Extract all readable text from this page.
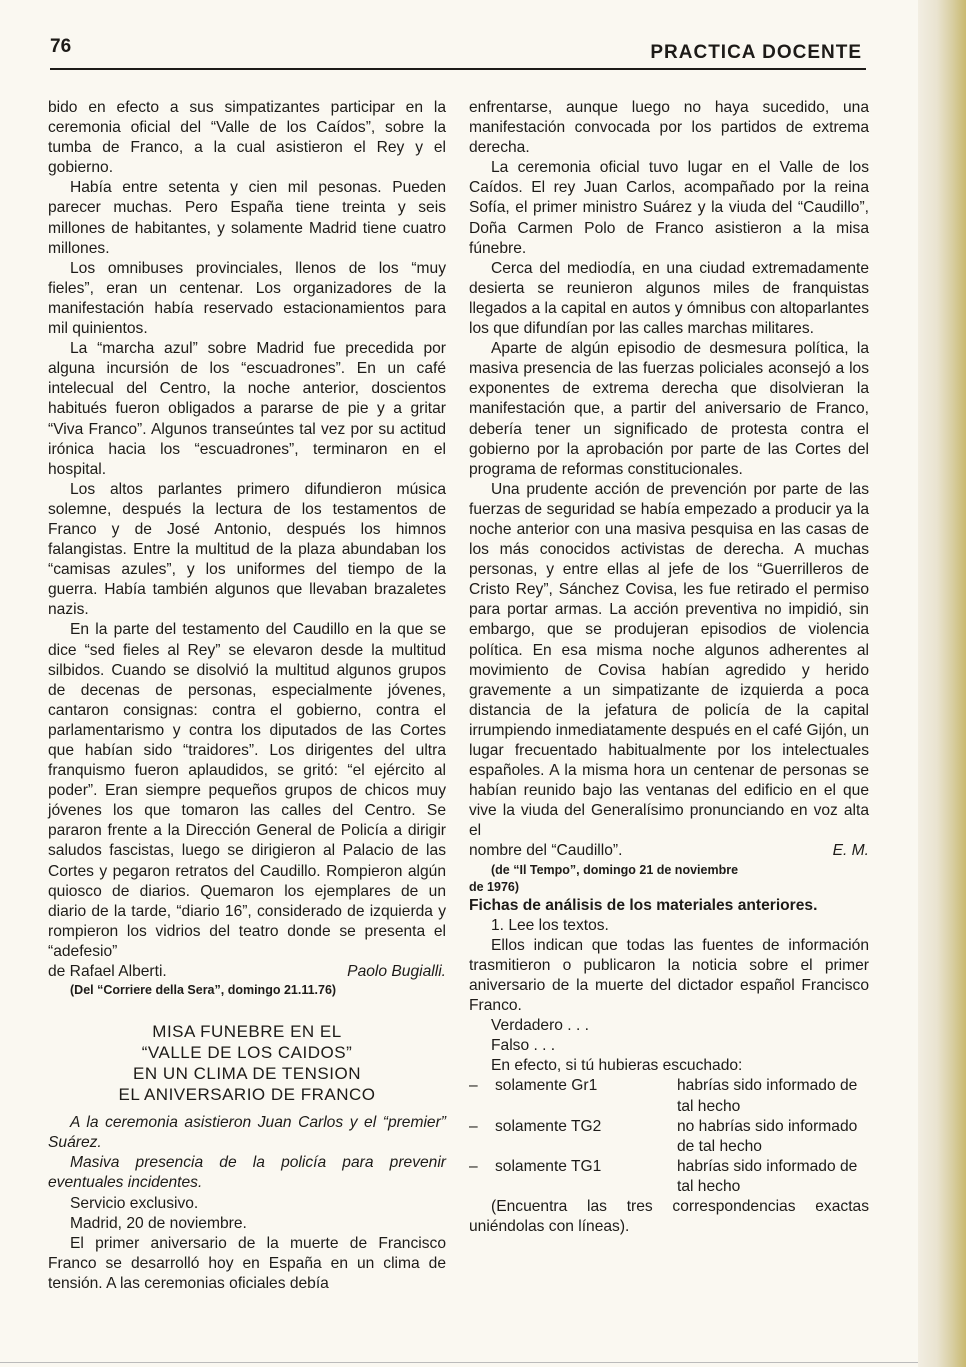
76	PRACTICA DOCENTE

bido en efecto a sus simpatizantes participar en la ceremonia oficial del “Valle de los Caídos”, sobre la tumba de Franco, a la cual asistieron el Rey y el gobierno.

Había entre setenta y cien mil pesonas. Pueden parecer muchas. Pero España tiene treinta y seis millones de habitantes, y solamente Madrid tiene cuatro millones.

Los omnibuses provinciales, llenos de los “muy fieles”, eran un centenar. Los organizadores de la manifestación había reservado estacionamientos para mil quinientos.

La “marcha azul” sobre Madrid fue precedida por alguna incursión de los “escuadrones”. En un café intelecual del Centro, la noche anterior, doscientos habitués fueron obligados a pararse de pie y a gritar “Viva Franco”. Algunos transeúntes tal vez por su actitud irónica hacia los “escuadrones”, terminaron en el hospital.

Los altos parlantes primero difundieron música solemne, después la lectura de los testamentos de Franco y de José Antonio, después los himnos falangistas. Entre la multitud de la plaza abundaban los “camisas azules”, y los uniformes del tiempo de la guerra. Había también algunos que llevaban brazaletes nazis.

En la parte del testamento del Caudillo en la que se dice “sed fieles al Rey” se elevaron desde la multitud silbidos. Cuando se disolvió la multitud algunos grupos de decenas de personas, especialmente jóvenes, cantaron consignas: contra el gobierno, contra el parlamentarismo y contra los diputados de las Cortes que habían sido “traidores”. Los dirigentes del ultra franquismo fueron aplaudidos, se gritó: “el ejército al poder”. Eran siempre pequeños grupos de chicos muy jóvenes los que tomaron las calles del Centro. Se pararon frente a la Dirección General de Policía a dirigir saludos fascistas, luego se dirigieron al Palacio de las Cortes y pegaron retratos del Caudillo. Rompieron algún quiosco de diarios. Quemaron los ejemplares de un diario de la tarde, “diario 16”, considerado de izquierda y rompieron los vidrios del teatro donde se presenta el “adefesio”

de Rafael Alberti.	Paolo Bugialli.

(Del “Corriere della Sera”, domingo 21.11.76)

MISA FUNEBRE EN EL
“VALLE DE LOS CAIDOS”
EN UN CLIMA DE TENSION
EL ANIVERSARIO DE FRANCO

A la ceremonia asistieron Juan Carlos y el “premier” Suárez.

Masiva presencia de la policía para prevenir eventuales incidentes.

Servicio exclusivo.

Madrid, 20 de noviembre.

El primer aniversario de la muerte de Francisco Franco se desarrolló hoy en España en un clima de tensión. A las ceremonias oficiales debía

enfrentarse, aunque luego no haya sucedido, una manifestación convocada por los partidos de extrema derecha.

La ceremonia oficial tuvo lugar en el Valle de los Caídos. El rey Juan Carlos, acompañado por la reina Sofía, el primer ministro Suárez y la viuda del “Caudillo”, Doña Carmen Polo de Franco asistieron a la misa fúnebre.

Cerca del mediodía, en una ciudad extremadamente desierta se reunieron algunos miles de franquistas llegados a la capital en autos y ómnibus con altoparlantes los que difundían por las calles marchas militares.

Aparte de algún episodio de desmesura política, la masiva presencia de las fuerzas policiales aconsejó a los exponentes de extrema derecha que disolvieran la manifestación que, a partir del aniversario de Franco, debería tener un significado de protesta contra el gobierno por la aprobación por parte de las Cortes del programa de reformas constitucionales.

Una prudente acción de prevención por parte de las fuerzas de seguridad se había empezado a producir ya la noche anterior con una masiva pesquisa en las casas de los más conocidos activistas de derecha. A muchas personas, y entre ellas al jefe de los “Guerrilleros de Cristo Rey”, Sánchez Covisa, les fue retirado el permiso para portar armas. La acción preventiva no impidió, sin embargo, que se produjeran episodios de violencia política. En esa misma noche algunos adherentes al movimiento de Covisa habían agredido y herido gravemente a un simpatizante de izquierda a poca distancia de la jefatura de policía de la capital irrumpiendo inmediatamente después en el café Gijón, un lugar frecuentado habitualmente por los intelectuales españoles. A la misma hora un centenar de personas se habían reunido bajo las ventanas del edificio en el que vive la viuda del Generalísimo pronunciando en voz alta el

nombre del “Caudillo”.	E. M.

(de “Il Tempo”, domingo 21 de noviembre
de 1976)

Fichas de análisis de los materiales anteriores.

1. Lee los textos.

Ellos indican que todas las fuentes de información trasmitieron o publicaron la noticia sobre el primer aniversario de la muerte del dictador español Francisco Franco.

Verdadero . . .

Falso . . .

En efecto, si tú hubieras escuchado:

–	solamente Gr1	habrías sido informado de tal hecho
–	solamente TG2	no habrías sido informado de tal hecho
–	solamente TG1	habrías sido informado de tal hecho

(Encuentra las tres correspondencias exactas uniéndolas con líneas).
